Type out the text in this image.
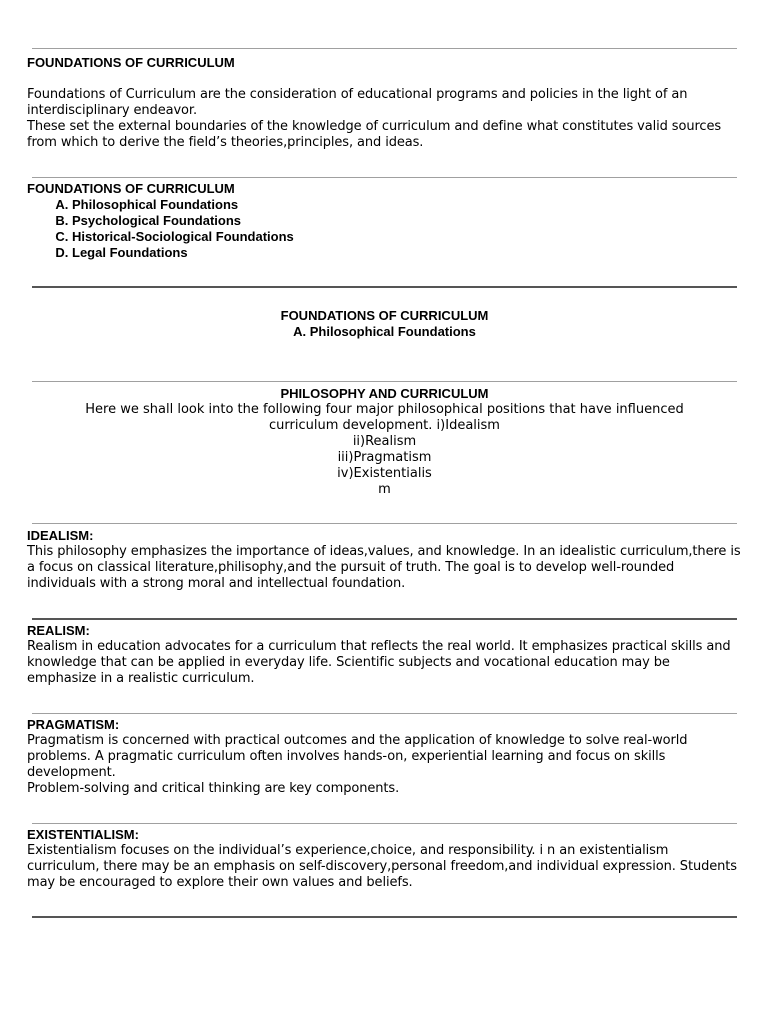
FOUNDATIONS OF CURRICULUM

Foundations of Curriculum are the consideration of educational programs and policies in the light of an interdisciplinary endeavor.

These set the external boundaries of the knowledge of curriculum and define what constitutes valid sources from which to derive the field’s theories,principles, and ideas.

FOUNDATIONS OF CURRICULUM

A. Philosophical Foundations
B. Psychological Foundations
C. Historical-Sociological Foundations
D. Legal Foundations

FOUNDATIONS OF CURRICULUM

A. Philosophical Foundations

PHILOSOPHY AND CURRICULUM

Here we shall look into the following four major philosophical positions that have influenced
curriculum development. i)Idealism
ii)Realism
iii)Pragmatism
iv)Existentialis
m

IDEALISM:

This philosophy emphasizes the importance of ideas,values, and knowledge. In an idealistic curriculum,there is a focus on classical literature,philisophy,and the pursuit of truth. The goal is to develop well-rounded individuals with a strong moral and intellectual foundation.

REALISM:

Realism in education advocates for a curriculum that reflects the real world. It emphasizes practical skills and knowledge that can be applied in everyday life. Scientific subjects and vocational education may be emphasize in a realistic curriculum.

PRAGMATISM:

Pragmatism is concerned with practical outcomes and the application of knowledge to solve real-world problems. A pragmatic curriculum often involves hands-on, experiential learning and focus on skills development.

Problem-solving and critical thinking are key components.

EXISTENTIALISM:

Existentialism focuses on the individual’s experience,choice, and responsibility. i n an existentialism curriculum, there may be an emphasis on self-discovery,personal freedom,and individual expression. Students may be encouraged to explore their own values and beliefs.
